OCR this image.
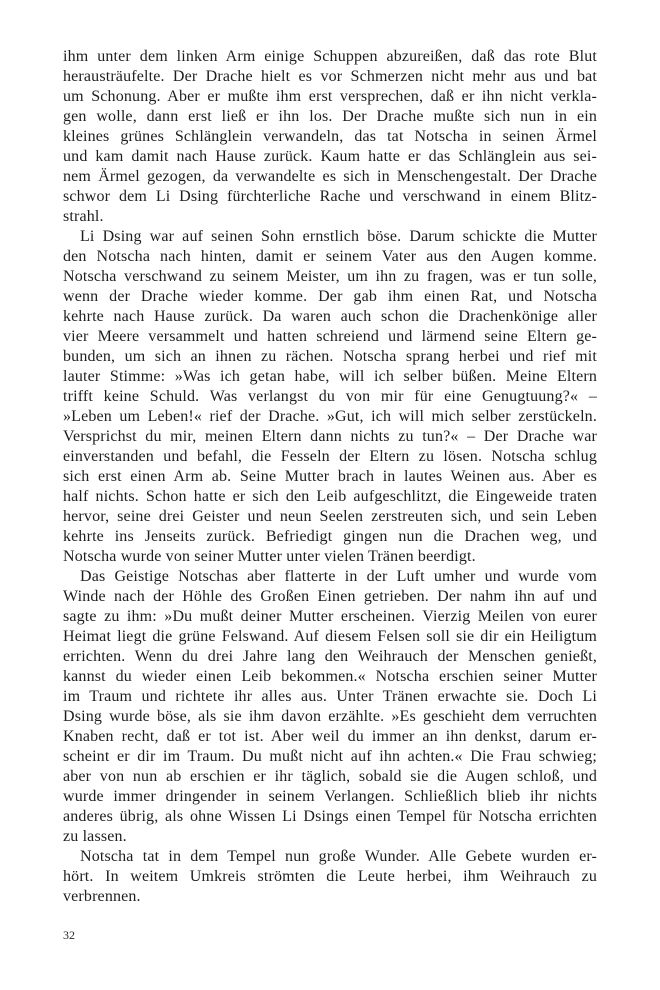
ihm unter dem linken Arm einige Schuppen abzureißen, daß das rote Blut
herausträufelte. Der Drache hielt es vor Schmerzen nicht mehr aus und bat
um Schonung. Aber er mußte ihm erst versprechen, daß er ihn nicht verkla-
gen wolle, dann erst ließ er ihn los. Der Drache mußte sich nun in ein
kleines grünes Schlänglein verwandeln, das tat Notscha in seinen Ärmel
und kam damit nach Hause zurück. Kaum hatte er das Schlänglein aus sei-
nem Ärmel gezogen, da verwandelte es sich in Menschengestalt. Der Drache
schwor dem Li Dsing fürchterliche Rache und verschwand in einem Blitz-
strahl.
Li Dsing war auf seinen Sohn ernstlich böse. Darum schickte die Mutter
den Notscha nach hinten, damit er seinem Vater aus den Augen komme.
Notscha verschwand zu seinem Meister, um ihn zu fragen, was er tun solle,
wenn der Drache wieder komme. Der gab ihm einen Rat, und Notscha
kehrte nach Hause zurück. Da waren auch schon die Drachenkönige aller
vier Meere versammelt und hatten schreiend und lärmend seine Eltern ge-
bunden, um sich an ihnen zu rächen. Notscha sprang herbei und rief mit
lauter Stimme: »Was ich getan habe, will ich selber büßen. Meine Eltern
trifft keine Schuld. Was verlangst du von mir für eine Genugtuung?« –
»Leben um Leben!« rief der Drache. »Gut, ich will mich selber zerstückeln.
Versprichst du mir, meinen Eltern dann nichts zu tun?« – Der Drache war
einverstanden und befahl, die Fesseln der Eltern zu lösen. Notscha schlug
sich erst einen Arm ab. Seine Mutter brach in lautes Weinen aus. Aber es
half nichts. Schon hatte er sich den Leib aufgeschlitzt, die Eingeweide traten
hervor, seine drei Geister und neun Seelen zerstreuten sich, und sein Leben
kehrte ins Jenseits zurück. Befriedigt gingen nun die Drachen weg, und
Notscha wurde von seiner Mutter unter vielen Tränen beerdigt.
Das Geistige Notschas aber flatterte in der Luft umher und wurde vom
Winde nach der Höhle des Großen Einen getrieben. Der nahm ihn auf und
sagte zu ihm: »Du mußt deiner Mutter erscheinen. Vierzig Meilen von eurer
Heimat liegt die grüne Felswand. Auf diesem Felsen soll sie dir ein Heiligtum
errichten. Wenn du drei Jahre lang den Weihrauch der Menschen genießt,
kannst du wieder einen Leib bekommen.« Notscha erschien seiner Mutter
im Traum und richtete ihr alles aus. Unter Tränen erwachte sie. Doch Li
Dsing wurde böse, als sie ihm davon erzählte. »Es geschieht dem verruchten
Knaben recht, daß er tot ist. Aber weil du immer an ihn denkst, darum er-
scheint er dir im Traum. Du mußt nicht auf ihn achten.« Die Frau schwieg;
aber von nun ab erschien er ihr täglich, sobald sie die Augen schloß, und
wurde immer dringender in seinem Verlangen. Schließlich blieb ihr nichts
anderes übrig, als ohne Wissen Li Dsings einen Tempel für Notscha errichten
zu lassen.
Notscha tat in dem Tempel nun große Wunder. Alle Gebete wurden er-
hört. In weitem Umkreis strömten die Leute herbei, ihm Weihrauch zu
verbrennen.
32
